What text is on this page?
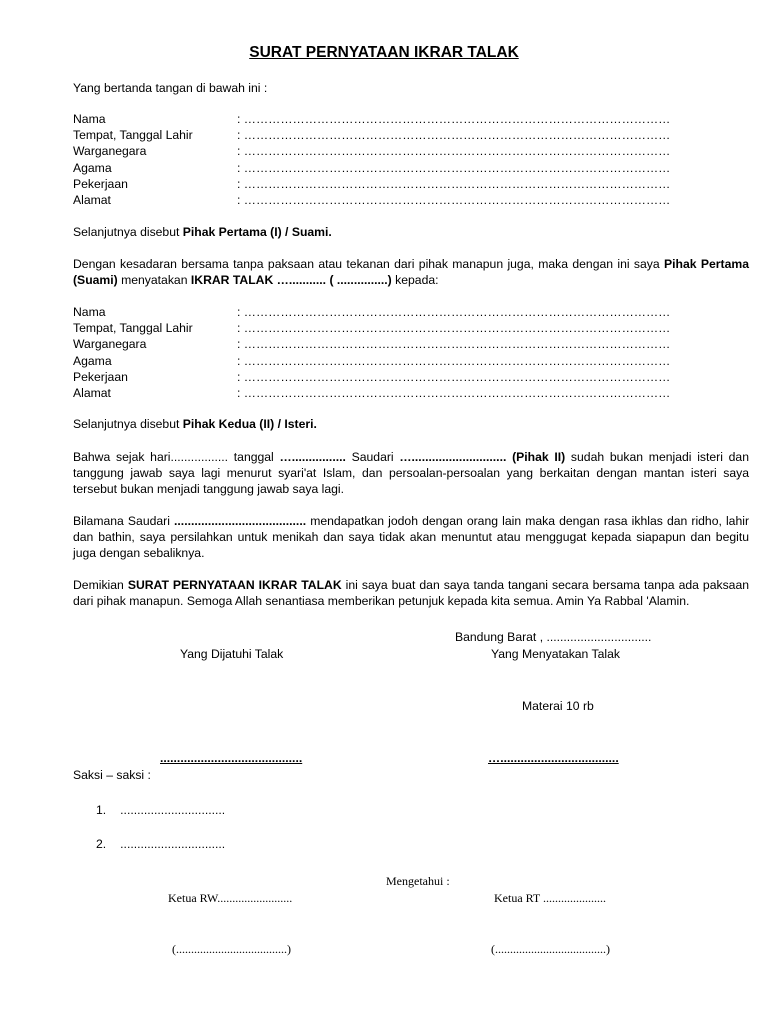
SURAT PERNYATAAN IKRAR TALAK
Yang bertanda tangan di bawah ini :
Nama	: ……………………………………………………………………………………………
Tempat, Tanggal Lahir	: ……………………………………………………………………………………………
Warganegara	: ……………………………………………………………………………………………
Agama	: ……………………………………………………………………………………………
Pekerjaan	: ……………………………………………………………………………………………
Alamat	: ……………………………………………………………………………………………
Selanjutnya disebut Pihak Pertama (I) / Suami.
Dengan kesadaran bersama tanpa paksaan atau tekanan dari pihak manapun juga, maka dengan ini saya Pihak Pertama (Suami) menyatakan IKRAR TALAK …........... ( ...............) kepada:
Nama	: ……………………………………………………………………………………………
Tempat, Tanggal Lahir	: ……………………………………………………………………………………………
Warganegara	: ……………………………………………………………………………………………
Agama	: ……………………………………………………………………………………………
Pekerjaan	: ……………………………………………………………………………………………
Alamat	: ……………………………………………………………………………………………
Selanjutnya disebut Pihak Kedua (II) / Isteri.
Bahwa sejak hari................. tanggal …................ Saudari …............................ (Pihak II) sudah bukan menjadi isteri dan tanggung jawab saya lagi menurut syari'at Islam, dan persoalan-persoalan yang berkaitan dengan mantan isteri saya tersebut bukan menjadi tanggung jawab saya lagi.
Bilamana Saudari ....................................... mendapatkan jodoh dengan orang lain maka dengan rasa ikhlas dan ridho, lahir dan bathin, saya persilahkan untuk menikah dan saya tidak akan menuntut atau menggugat kepada siapapun dan begitu juga dengan sebaliknya.
Demikian SURAT PERNYATAAN IKRAR TALAK ini saya buat dan saya tanda tangani secara bersama tanpa ada paksaan dari pihak manapun. Semoga Allah senantiasa memberikan petunjuk kepada kita semua. Amin Ya Rabbal 'Alamin.
Bandung Barat , ...............................
Yang Dijatuhi Talak	Yang Menyatakan Talak
Materai 10 rb
..........................................	…...................................
Saksi – saksi :
1. ...............................
2. ...............................
Mengetahui :
Ketua RW.........................	Ketua RT .....................
(.....................................)	(.....................................)
